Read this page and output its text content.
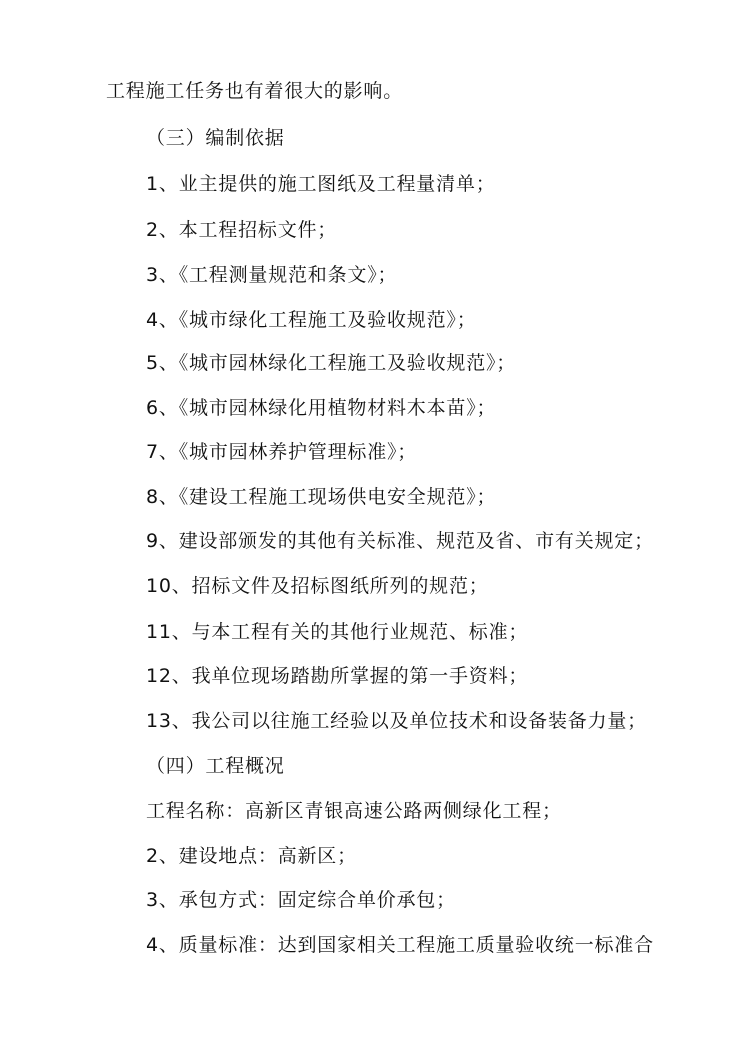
工程施工任务也有着很大的影响。
（三）编制依据
1、业主提供的施工图纸及工程量清单；
2、本工程招标文件；
3、《工程测量规范和条文》；
4、《城市绿化工程施工及验收规范》；
5、《城市园林绿化工程施工及验收规范》；
6、《城市园林绿化用植物材料木本苗》；
7、《城市园林养护管理标准》；
8、《建设工程施工现场供电安全规范》；
9、建设部颁发的其他有关标准、规范及省、市有关规定；
10、招标文件及招标图纸所列的规范；
11、与本工程有关的其他行业规范、标准；
12、我单位现场踏勘所掌握的第一手资料；
13、我公司以往施工经验以及单位技术和设备装备力量；
（四）工程概况
工程名称：高新区青银高速公路两侧绿化工程；
2、建设地点：高新区；
3、承包方式：固定综合单价承包；
4、质量标准：达到国家相关工程施工质量验收统一标准合
